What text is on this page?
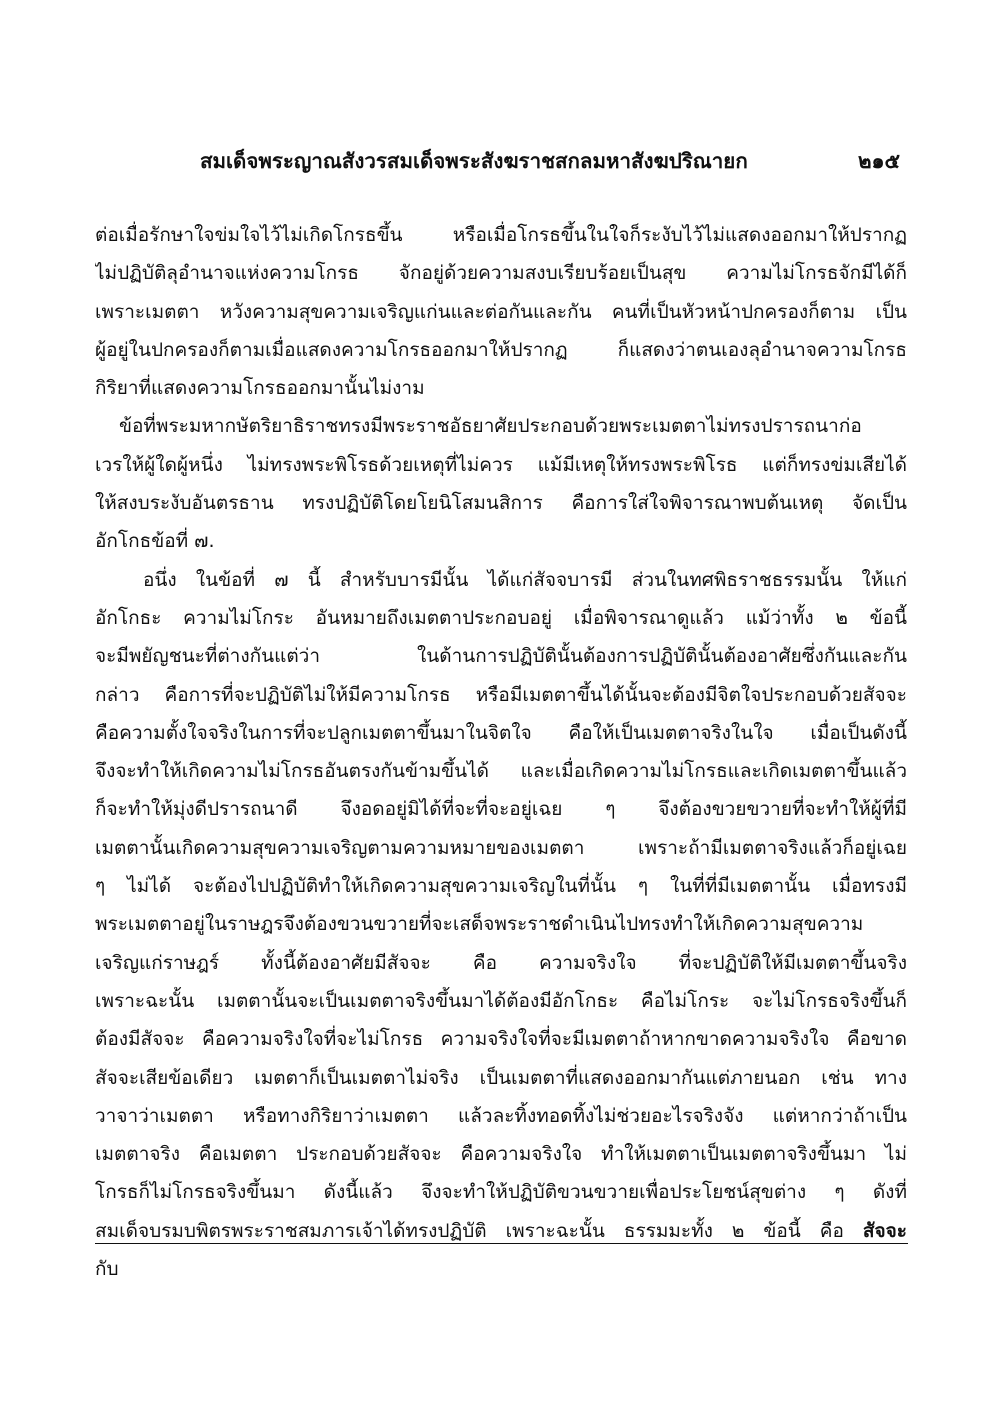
สมเด็จพระญาณสังวรสมเด็จพระสังฆราชสกลมหาสังฆปริณายก	๒๑๕
ต่อเมื่อรักษาใจข่มใจไว้ไม่เกิดโกรธขึ้น หรือเมื่อโกรธขึ้นในใจก็ระงับไว้ไม่แสดงออกมาให้ปรากฏ
ไม่ปฏิบัติลุอำนาจแห่งความโกรธ จักอยู่ด้วยความสงบเรียบร้อยเป็นสุข ความไม่โกรธจักมีได้ก็
เพราะเมตตา หวังความสุขความเจริญแก่นและต่อกันและกัน คนที่เป็นหัวหน้าปกครองก็ตาม เป็น
ผู้อยู่ในปกครองก็ตามเมื่อแสดงความโกรธออกมาให้ปรากฏ ก็แสดงว่าตนเองลุอำนาจความโกรธ
กิริยาที่แสดงความโกรธออกมานั้นไม่งาม
ข้อที่พระมหากษัตริยาธิราชทรงมีพระราชอัธยาศัยประกอบด้วยพระเมตตาไม่ทรงปรารถนาก่อ
เวรให้ผู้ใดผู้หนึ่ง ไม่ทรงพระพิโรธด้วยเหตุที่ไม่ควร แม้มีเหตุให้ทรงพระพิโรธ แต่ก็ทรงข่มเสียได้
ให้สงบระงับอันตรธาน ทรงปฏิบัติโดยโยนิโสมนสิการ คือการใส่ใจพิจารณาพบต้นเหตุ จัดเป็น
อักโกธข้อที่ ๗.
อนึ่ง ในข้อที่ ๗ นี้ สำหรับบารมีนั้น ได้แก่สัจจบารมี ส่วนในทศพิธราชธรรมนั้น ให้แก่
อักโกธะ ความไม่โกระ อันหมายถึงเมตตาประกอบอยู่ เมื่อพิจารณาดูแล้ว แม้ว่าทั้ง ๒ ข้อนี้
จะมีพยัญชนะที่ต่างกันแต่ว่า ในด้านการปฏิบัตินั้นต้องการปฏิบัตินั้นต้องอาศัยซึ่งกันและกัน
กล่าว คือการที่จะปฏิบัติไม่ให้มีความโกรธ หรือมีเมตตาขึ้นได้นั้นจะต้องมีจิตใจประกอบด้วยสัจจะ
คือความตั้งใจจริงในการที่จะปลูกเมตตาขึ้นมาในจิตใจ คือให้เป็นเมตตาจริงในใจ เมื่อเป็นดังนี้
จึงจะทำให้เกิดความไม่โกรธอันตรงกันข้ามขึ้นได้ และเมื่อเกิดความไม่โกรธและเกิดเมตตาขึ้นแล้ว
ก็จะทำให้มุ่งดีปรารถนาดี จึงอดอยู่มิได้ที่จะที่จะอยู่เฉย ๆ จึงต้องขวยขวายที่จะทำให้ผู้ที่มี
เมตตานั้นเกิดความสุขความเจริญตามความหมายของเมตตา เพราะถ้ามีเมตตาจริงแล้วก็อยู่เฉย
ๆ ไม่ได้ จะต้องไปปฏิบัติทำให้เกิดความสุขความเจริญในที่นั้น ๆ ในที่ที่มีเมตตานั้น เมื่อทรงมี
พระเมตตาอยู่ในราษฎรจึงต้องขวนขวายที่จะเสด็จพระราชดำเนินไปทรงทำให้เกิดความสุขความ
เจริญแก่ราษฎร์ ทั้งนี้ต้องอาศัยมีสัจจะ คือ ความจริงใจ ที่จะปฏิบัติให้มีเมตตาขึ้นจริง
เพราะฉะนั้น เมตตานั้นจะเป็นเมตตาจริงขึ้นมาได้ต้องมีอักโกธะ คือไม่โกระ จะไม่โกรธจริงขึ้นก็
ต้องมีสัจจะ คือความจริงใจที่จะไม่โกรธ ความจริงใจที่จะมีเมตตาถ้าหากขาดความจริงใจ คือขาด
สัจจะเสียข้อเดียว เมตตาก็เป็นเมตตาไม่จริง เป็นเมตตาที่แสดงออกมากันแต่ภายนอก เช่น ทาง
วาจาว่าเมตตา หรือทางกิริยาว่าเมตตา แล้วละทิ้งทอดทิ้งไม่ช่วยอะไรจริงจัง แต่หากว่าถ้าเป็น
เมตตาจริง คือเมตตา ประกอบด้วยสัจจะ คือความจริงใจ ทำให้เมตตาเป็นเมตตาจริงขึ้นมา ไม่
โกรธก็ไม่โกรธจริงขึ้นมา ดังนี้แล้ว จึงจะทำให้ปฏิบัติขวนขวายเพื่อประโยชน์สุขต่าง ๆ ดังที่
สมเด็จบรมบพิตรพระราชสมภารเจ้าได้ทรงปฏิบัติ เพราะฉะนั้น ธรรมมะทั้ง ๒ ข้อนี้ คือ สัจจะ
กับ
